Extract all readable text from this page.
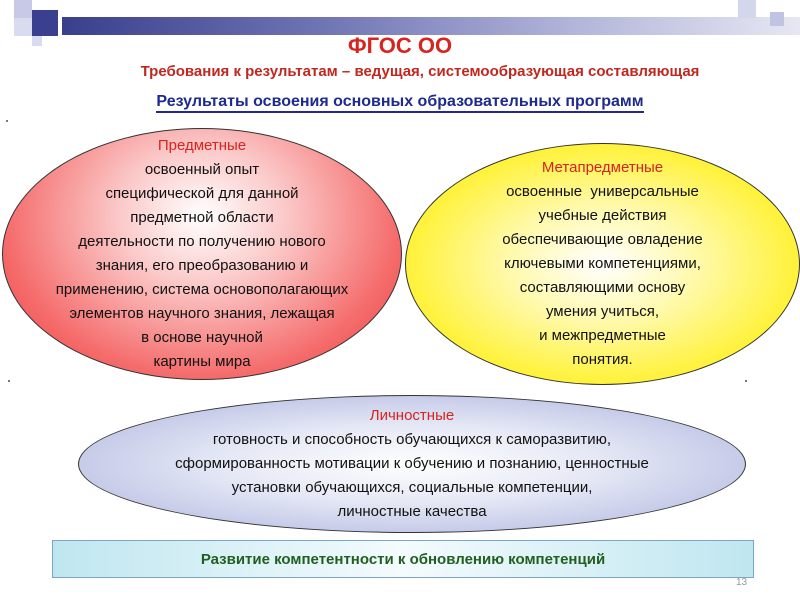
ФГОС ОО
Требования к результатам – ведущая, системообразующая составляющая
Результаты освоения основных образовательных программ
Предметные
освоенный опыт
специфической для данной
предметной области
деятельности по получению нового
знания, его преобразованию и
применению, система основополагающих
элементов научного знания, лежащая
в основе научной
картины мира
Метапредметные
освоенные  универсальные
учебные действия
обеспечивающие овладение
ключевыми компетенциями,
составляющими основу
умения учиться,
и межпредметные
понятия.
Личностные
готовность и способность обучающихся к саморазвитию,
сформированность мотивации к обучению и познанию, ценностные
установки обучающихся, социальные компетенции,
личностные качества
Развитие компетентности к обновлению компетенций
13
